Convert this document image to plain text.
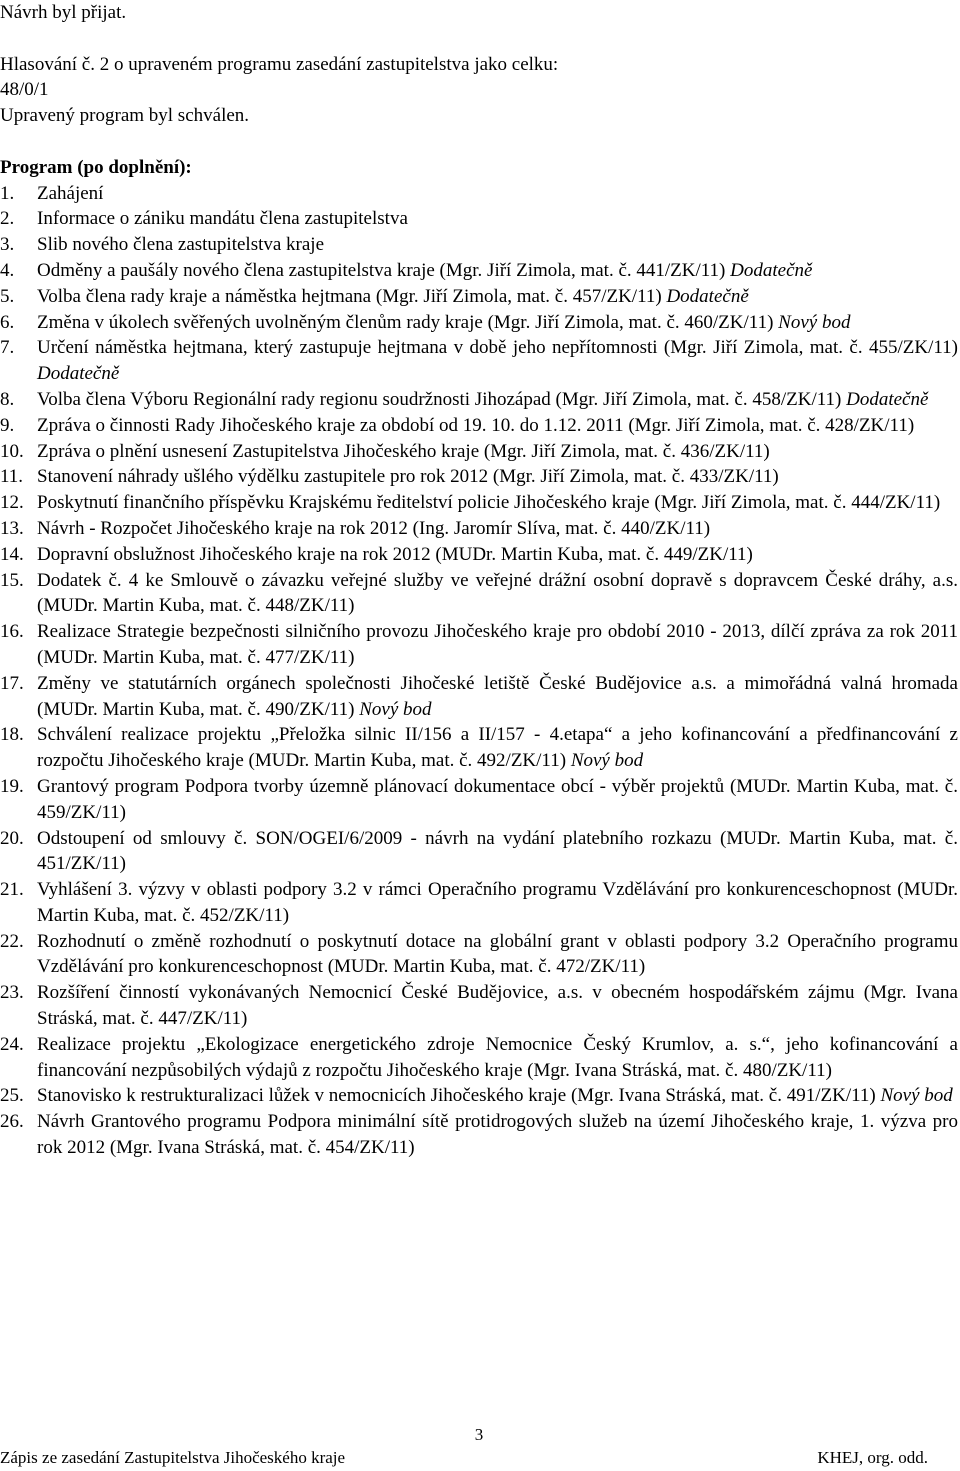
Návrh byl přijat.

Hlasování č. 2 o upraveném programu zasedání zastupitelstva jako celku:

48/0/1

Upravený program byl schválen.

Program (po doplnění):

1.	Zahájení
2.	Informace o zániku mandátu člena zastupitelstva
3.	Slib nového člena zastupitelstva kraje
4.	Odměny a paušály nového člena zastupitelstva kraje (Mgr. Jiří Zimola, mat. č. 441/ZK/11) Dodatečně
5.	Volba člena rady kraje a náměstka hejtmana (Mgr. Jiří Zimola, mat. č. 457/ZK/11) Dodatečně
6.	Změna v úkolech svěřených uvolněným členům rady kraje (Mgr. Jiří Zimola, mat. č. 460/ZK/11) Nový bod
7.	Určení náměstka hejtmana, který zastupuje hejtmana v době jeho nepřítomnosti (Mgr. Jiří Zimola, mat. č. 455/ZK/11) Dodatečně
8.	Volba člena Výboru Regionální rady regionu soudržnosti Jihozápad (Mgr. Jiří Zimola, mat. č. 458/ZK/11) Dodatečně
9.	Zpráva o činnosti Rady Jihočeského kraje za období od 19. 10. do 1.12. 2011 (Mgr. Jiří Zimola, mat. č. 428/ZK/11)
10. Zpráva o plnění usnesení Zastupitelstva Jihočeského kraje (Mgr. Jiří Zimola, mat. č. 436/ZK/11)
11. Stanovení náhrady ušlého výdělku zastupitele pro rok 2012 (Mgr. Jiří Zimola, mat. č. 433/ZK/11)
12. Poskytnutí finančního příspěvku Krajskému ředitelství policie Jihočeského kraje (Mgr. Jiří Zimola, mat. č. 444/ZK/11)
13. Návrh - Rozpočet Jihočeského kraje na rok 2012 (Ing. Jaromír Slíva, mat. č. 440/ZK/11)
14. Dopravní obslužnost Jihočeského kraje na rok 2012 (MUDr. Martin Kuba, mat. č. 449/ZK/11)
15. Dodatek č. 4 ke Smlouvě o závazku veřejné služby ve veřejné drážní osobní dopravě s dopravcem České dráhy, a.s. (MUDr. Martin Kuba, mat. č. 448/ZK/11)
16. Realizace Strategie bezpečnosti silničního provozu Jihočeského kraje pro období 2010 - 2013, dílčí zpráva za rok 2011 (MUDr. Martin Kuba, mat. č. 477/ZK/11)
17. Změny ve statutárních orgánech společnosti Jihočeské letiště České Budějovice a.s. a mimořádná valná hromada (MUDr. Martin Kuba, mat. č. 490/ZK/11) Nový bod
18. Schválení realizace projektu „Přeložka silnic II/156 a II/157 - 4.etapa“ a jeho kofinancování a předfinancování z rozpočtu Jihočeského kraje (MUDr. Martin Kuba, mat. č. 492/ZK/11) Nový bod
19. Grantový program Podpora tvorby územně plánovací dokumentace obcí - výběr projektů (MUDr. Martin Kuba, mat. č. 459/ZK/11)
20. Odstoupení od smlouvy č. SON/OGEI/6/2009 - návrh na vydání platebního rozkazu (MUDr. Martin Kuba, mat. č. 451/ZK/11)
21. Vyhlášení 3. výzvy v oblasti podpory 3.2 v rámci Operačního programu Vzdělávání pro konkurenceschopnost (MUDr. Martin Kuba, mat. č. 452/ZK/11)
22. Rozhodnutí o změně rozhodnutí o poskytnutí dotace na globální grant v oblasti podpory 3.2 Operačního programu Vzdělávání pro konkurenceschopnost (MUDr. Martin Kuba, mat. č. 472/ZK/11)
23. Rozšíření činností vykonávaných Nemocnicí České Budějovice, a.s. v obecném hospodářském zájmu (Mgr. Ivana Stráská, mat. č. 447/ZK/11)
24. Realizace projektu „Ekologizace energetického zdroje Nemocnice Český Krumlov, a. s.“, jeho kofinancování a financování nezpůsobilých výdajů z rozpočtu Jihočeského kraje (Mgr. Ivana Stráská, mat. č. 480/ZK/11)
25. Stanovisko k restrukturalizaci lůžek v nemocnicích Jihočeského kraje (Mgr. Ivana Stráská, mat. č. 491/ZK/11) Nový bod
26. Návrh Grantového programu Podpora minimální sítě protidrogových služeb na území Jihočeského kraje, 1. výzva pro rok 2012 (Mgr. Ivana Stráská, mat. č. 454/ZK/11)
3
Zápis ze zasedání Zastupitelstva Jihočeského kraje	KHEJ, org. odd.
